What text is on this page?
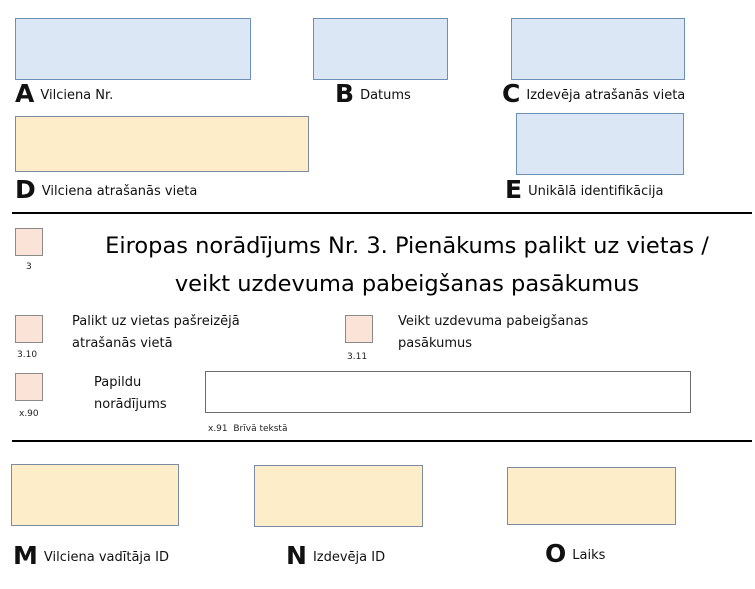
A Vilciena Nr.	B Datums	C Izdevēja atrašanās vieta
D Vilciena atrašanās vieta	E Unikālā identifikācija
3
Eiropas norādījums Nr. 3. Pienākums palikt uz vietas /
veikt uzdevuma pabeigšanas pasākumus
3.10
Palikt uz vietas pašreizējā
atrašanās vietā
3.11
Veikt uzdevuma pabeigšanas
pasākumus
x.90
Papildu
norādījums
x.91 Brīvā tekstā
M Vilciena vadītāja ID	N Izdevēja ID	O Laiks
